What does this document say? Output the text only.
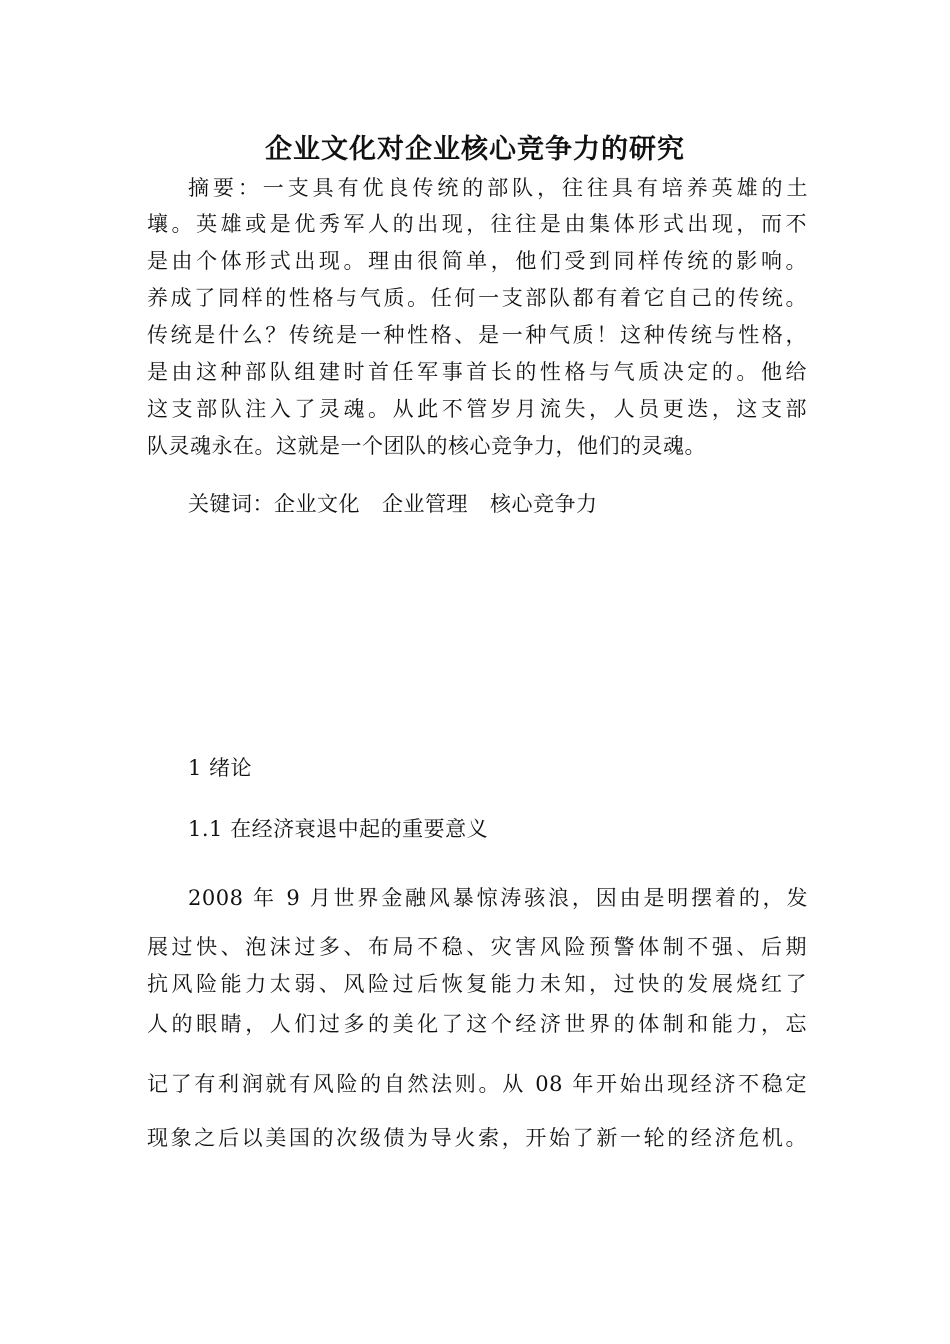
企业文化对企业核心竞争力的研究
摘要：一支具有优良传统的部队，往往具有培养英雄的土
壤。英雄或是优秀军人的出现，往往是由集体形式出现，而不
是由个体形式出现。理由很简单，他们受到同样传统的影响。
养成了同样的性格与气质。任何一支部队都有着它自己的传统。
传统是什么？传统是一种性格、是一种气质！这种传统与性格，
是由这种部队组建时首任军事首长的性格与气质决定的。他给
这支部队注入了灵魂。从此不管岁月流失，人员更迭，这支部
队灵魂永在。这就是一个团队的核心竞争力，他们的灵魂。
关键词：企业文化 企业管理 核心竞争力
1 绪论
1.1 在经济衰退中起的重要意义
2008 年 9 月世界金融风暴惊涛骇浪，因由是明摆着的，发
展过快、泡沫过多、布局不稳、灾害风险预警体制不强、后期
抗风险能力太弱、风险过后恢复能力未知，过快的发展烧红了
人的眼睛，人们过多的美化了这个经济世界的体制和能力，忘
记了有利润就有风险的自然法则。从 08 年开始出现经济不稳定
现象之后以美国的次级债为导火索，开始了新一轮的经济危机。
